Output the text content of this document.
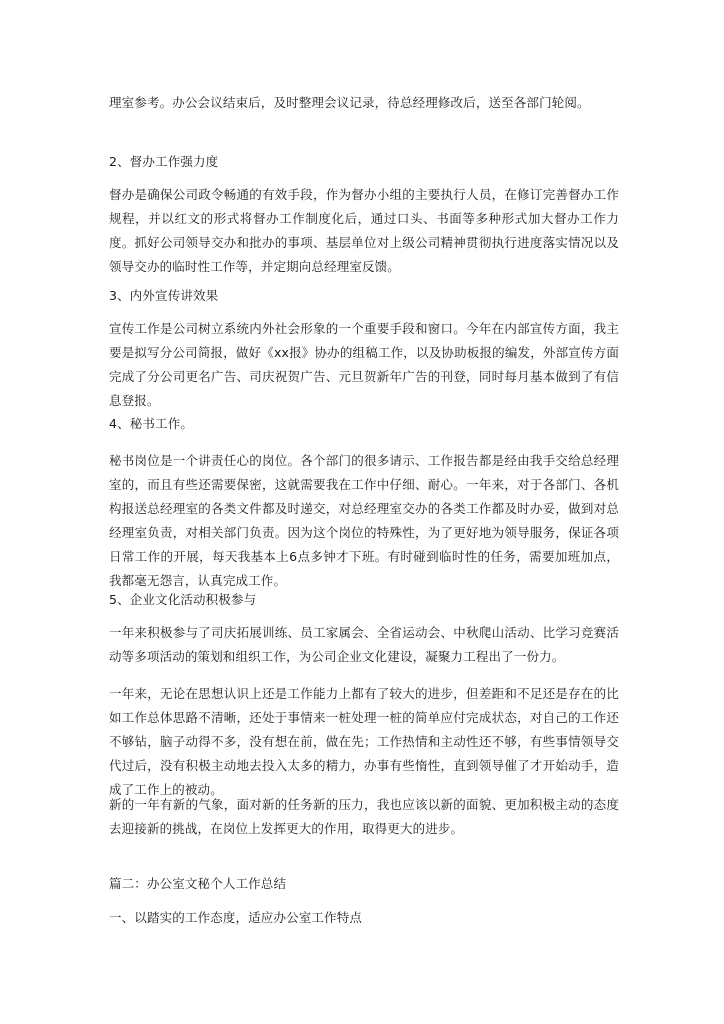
理室参考。办公会议结束后，及时整理会议记录，待总经理修改后，送至各部门轮阅。

2、督办工作强力度

督办是确保公司政令畅通的有效手段，作为督办小组的主要执行人员，在修订完善督办工作规程，并以红文的形式将督办工作制度化后，通过口头、书面等多种形式加大督办工作力度。抓好公司领导交办和批办的事项、基层单位对上级公司精神贯彻执行进度落实情况以及领导交办的临时性工作等，并定期向总经理室反馈。

3、内外宣传讲效果

宣传工作是公司树立系统内外社会形象的一个重要手段和窗口。今年在内部宣传方面，我主要是拟写分公司简报，做好《xx报》协办的组稿工作，以及协助板报的编发，外部宣传方面完成了分公司更名广告、司庆祝贺广告、元旦贺新年广告的刊登，同时每月基本做到了有信息登报。

4、秘书工作。

秘书岗位是一个讲责任心的岗位。各个部门的很多请示、工作报告都是经由我手交给总经理室的，而且有些还需要保密，这就需要我在工作中仔细、耐心。一年来，对于各部门、各机构报送总经理室的各类文件都及时递交，对总经理室交办的各类工作都及时办妥，做到对总经理室负责，对相关部门负责。因为这个岗位的特殊性，为了更好地为领导服务，保证各项日常工作的开展，每天我基本上6点多钟才下班。有时碰到临时性的任务，需要加班加点，我都毫无怨言，认真完成工作。

5、企业文化活动积极参与

一年来积极参与了司庆拓展训练、员工家属会、全省运动会、中秋爬山活动、比学习竞赛活动等多项活动的策划和组织工作，为公司企业文化建设，凝聚力工程出了一份力。

一年来，无论在思想认识上还是工作能力上都有了较大的进步，但差距和不足还是存在的比如工作总体思路不清晰，还处于事情来一桩处理一桩的简单应付完成状态，对自己的工作还不够钻，脑子动得不多，没有想在前，做在先；工作热情和主动性还不够，有些事情领导交代过后，没有积极主动地去投入太多的精力，办事有些惰性，直到领导催了才开始动手，造成了工作上的被动。

新的一年有新的气象，面对新的任务新的压力，我也应该以新的面貌、更加积极主动的态度去迎接新的挑战，在岗位上发挥更大的作用，取得更大的进步。

篇二：办公室文秘个人工作总结

一、以踏实的工作态度，适应办公室工作特点
